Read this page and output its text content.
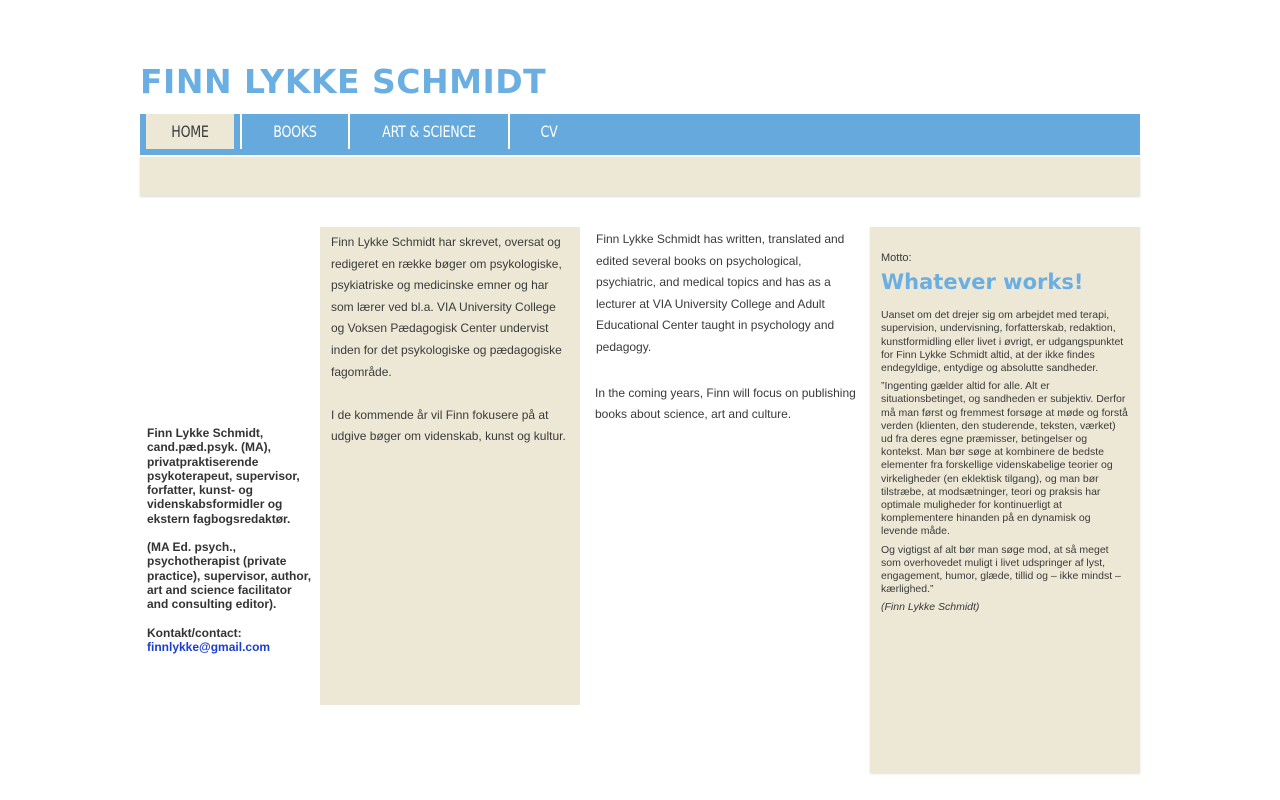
FINN LYKKE SCHMIDT
HOME	BOOKS	ART & SCIENCE	CV

Finn Lykke Schmidt, cand.pæd.psyk. (MA), privatpraktiserende psykoterapeut, supervisor, forfatter, kunst- og videnskabsformidler og ekstern fagbogsredaktør.

(MA Ed. psych., psychotherapist (private practice), supervisor, author, art and science facilitator and consulting editor).

Kontakt/contact:
finnlykke@gmail.com

Finn Lykke Schmidt har skrevet, oversat og redigeret en række bøger om psykologiske, psykiatriske og medicinske emner og har som lærer ved bl.a. VIA University College og Voksen Pædagogisk Center undervist inden for det psykologiske og pædagogiske fagområde.

I de kommende år vil Finn fokusere på at udgive bøger om videnskab, kunst og kultur.

Finn Lykke Schmidt has written, translated and edited several books on psychological, psychiatric, and medical topics and has as a lecturer at VIA University College and Adult Educational Center taught in psychology and pedagogy.

In the coming years, Finn will focus on publishing books about science, art and culture.

Motto:

Whatever works!

Uanset om det drejer sig om arbejdet med terapi, supervision, undervisning, forfatterskab, redaktion, kunstformidling eller livet i øvrigt, er udgangspunktet for Finn Lykke Schmidt altid, at der ikke findes endegyldige, entydige og absolutte sandheder.

”Ingenting gælder altid for alle. Alt er situationsbetinget, og sandheden er subjektiv. Derfor må man først og fremmest forsøge at møde og forstå verden (klienten, den studerende, teksten, værket) ud fra deres egne præmisser, betingelser og kontekst. Man bør søge at kombinere de bedste elementer fra forskellige videnskabelige teorier og virkeligheder (en eklektisk tilgang), og man bør tilstræbe, at modsætninger, teori og praksis har optimale muligheder for kontinuerligt at komplementere hinanden på en dynamisk og levende måde.

Og vigtigst af alt bør man søge mod, at så meget som overhovedet muligt i livet udspringer af lyst, engagement, humor, glæde, tillid og – ikke mindst – kærlighed.”

(Finn Lykke Schmidt)
